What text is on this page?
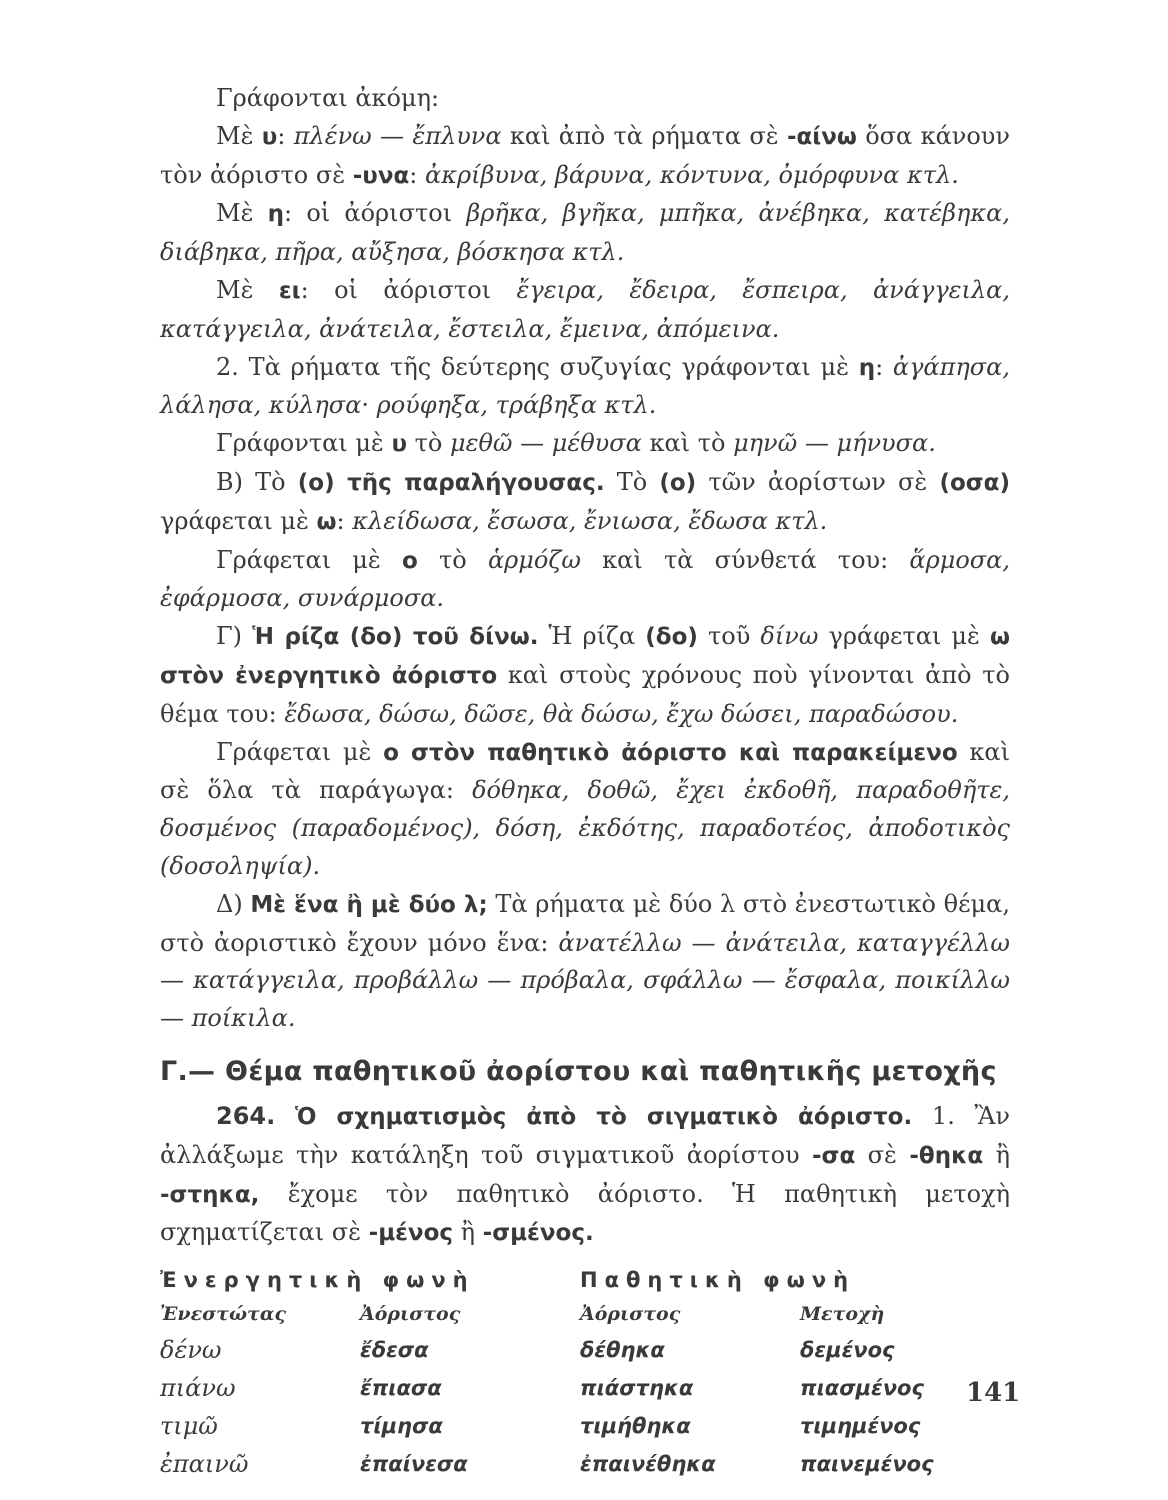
Γράφονται ἀκόμη:

Μὲ υ: πλένω — ἔπλυνα καὶ ἀπὸ τὰ ρήματα σὲ -αίνω ὅσα κάνουν τὸν ἀόριστο σὲ -υνα: ἀκρίβυνα, βάρυνα, κόντυνα, ὀμόρφυνα κτλ.

Μὲ η: οἱ ἀόριστοι βρῆκα, βγῆκα, μπῆκα, ἀνέβηκα, κατέβηκα, διάβηκα, πῆρα, αὔξησα, βόσκησα κτλ.

Μὲ ει: οἱ ἀόριστοι ἔγειρα, ἔδειρα, ἔσπειρα, ἀνάγγειλα, κατάγγειλα, ἀνάτειλα, ἔστειλα, ἔμεινα, ἀπόμεινα.

2. Τὰ ρήματα τῆς δεύτερης συζυγίας γράφονται μὲ η: ἀγάπησα, λάλησα, κύλησα· ρούφηξα, τράβηξα κτλ.

Γράφονται μὲ υ τὸ μεθῶ — μέθυσα καὶ τὸ μηνῶ — μήνυσα.

Β) Τὸ (ο) τῆς παραλήγουσας. Τὸ (ο) τῶν ἀορίστων σὲ (οσα) γράφεται μὲ ω: κλείδωσα, ἔσωσα, ἔνιωσα, ἔδωσα κτλ.

Γράφεται μὲ ο τὸ ἁρμόζω καὶ τὰ σύνθετά του: ἅρμοσα, ἐφάρμοσα, συνάρμοσα.

Γ) Ἡ ρίζα (δο) τοῦ δίνω. Ἡ ρίζα (δο) τοῦ δίνω γράφεται μὲ ω στὸν ἐνεργητικὸ ἀόριστο καὶ στοὺς χρόνους ποὺ γίνονται ἀπὸ τὸ θέμα του: ἔδωσα, δώσω, δῶσε, θὰ δώσω, ἔχω δώσει, παραδώσου.

Γράφεται μὲ ο στὸν παθητικὸ ἀόριστο καὶ παρακείμενο καὶ σὲ ὅλα τὰ παράγωγα: δόθηκα, δοθῶ, ἔχει ἐκδοθῆ, παραδοθῆτε, δοσμένος (παραδομένος), δόση, ἐκδότης, παραδοτέος, ἀποδοτικὸς (δοσοληψία).

Δ) Μὲ ἕνα ἢ μὲ δύο λ; Τὰ ρήματα μὲ δύο λ στὸ ἐνεστωτικὸ θέμα, στὸ ἀοριστικὸ ἔχουν μόνο ἕνα: ἀνατέλλω — ἀνάτειλα, καταγγέλλω — κατάγγειλα, προβάλλω — πρόβαλα, σφάλλω — ἔσφαλα, ποικίλλω — ποίκιλα.

Γ.— Θέμα παθητικοῦ ἀορίστου καὶ παθητικῆς μετοχῆς

264. Ὁ σχηματισμὸς ἀπὸ τὸ σιγματικὸ ἀόριστο. 1. Ἂν ἀλλάξωμε τὴν κατάληξη τοῦ σιγματικοῦ ἀορίστου -σα σὲ -θηκα ἢ -στηκα, ἔχομε τὸν παθητικὸ ἀόριστο. Ἡ παθητικὴ μετοχὴ σχηματίζεται σὲ -μένος ἢ -σμένος.

Ἐνεργητικὴ φωνὴ		Παθητικὴ φωνὴ	
Ἐνεστώτας	Ἀόριστος	Ἀόριστος	Μετοχὴ
δένω	ἔδεσα	δέθηκα	δεμένος
πιάνω	ἔπιασα	πιάστηκα	πιασμένος
τιμῶ	τίμησα	τιμήθηκα	τιμημένος
ἐπαινῶ	ἐπαίνεσα	ἐπαινέθηκα	παινεμένος
141
